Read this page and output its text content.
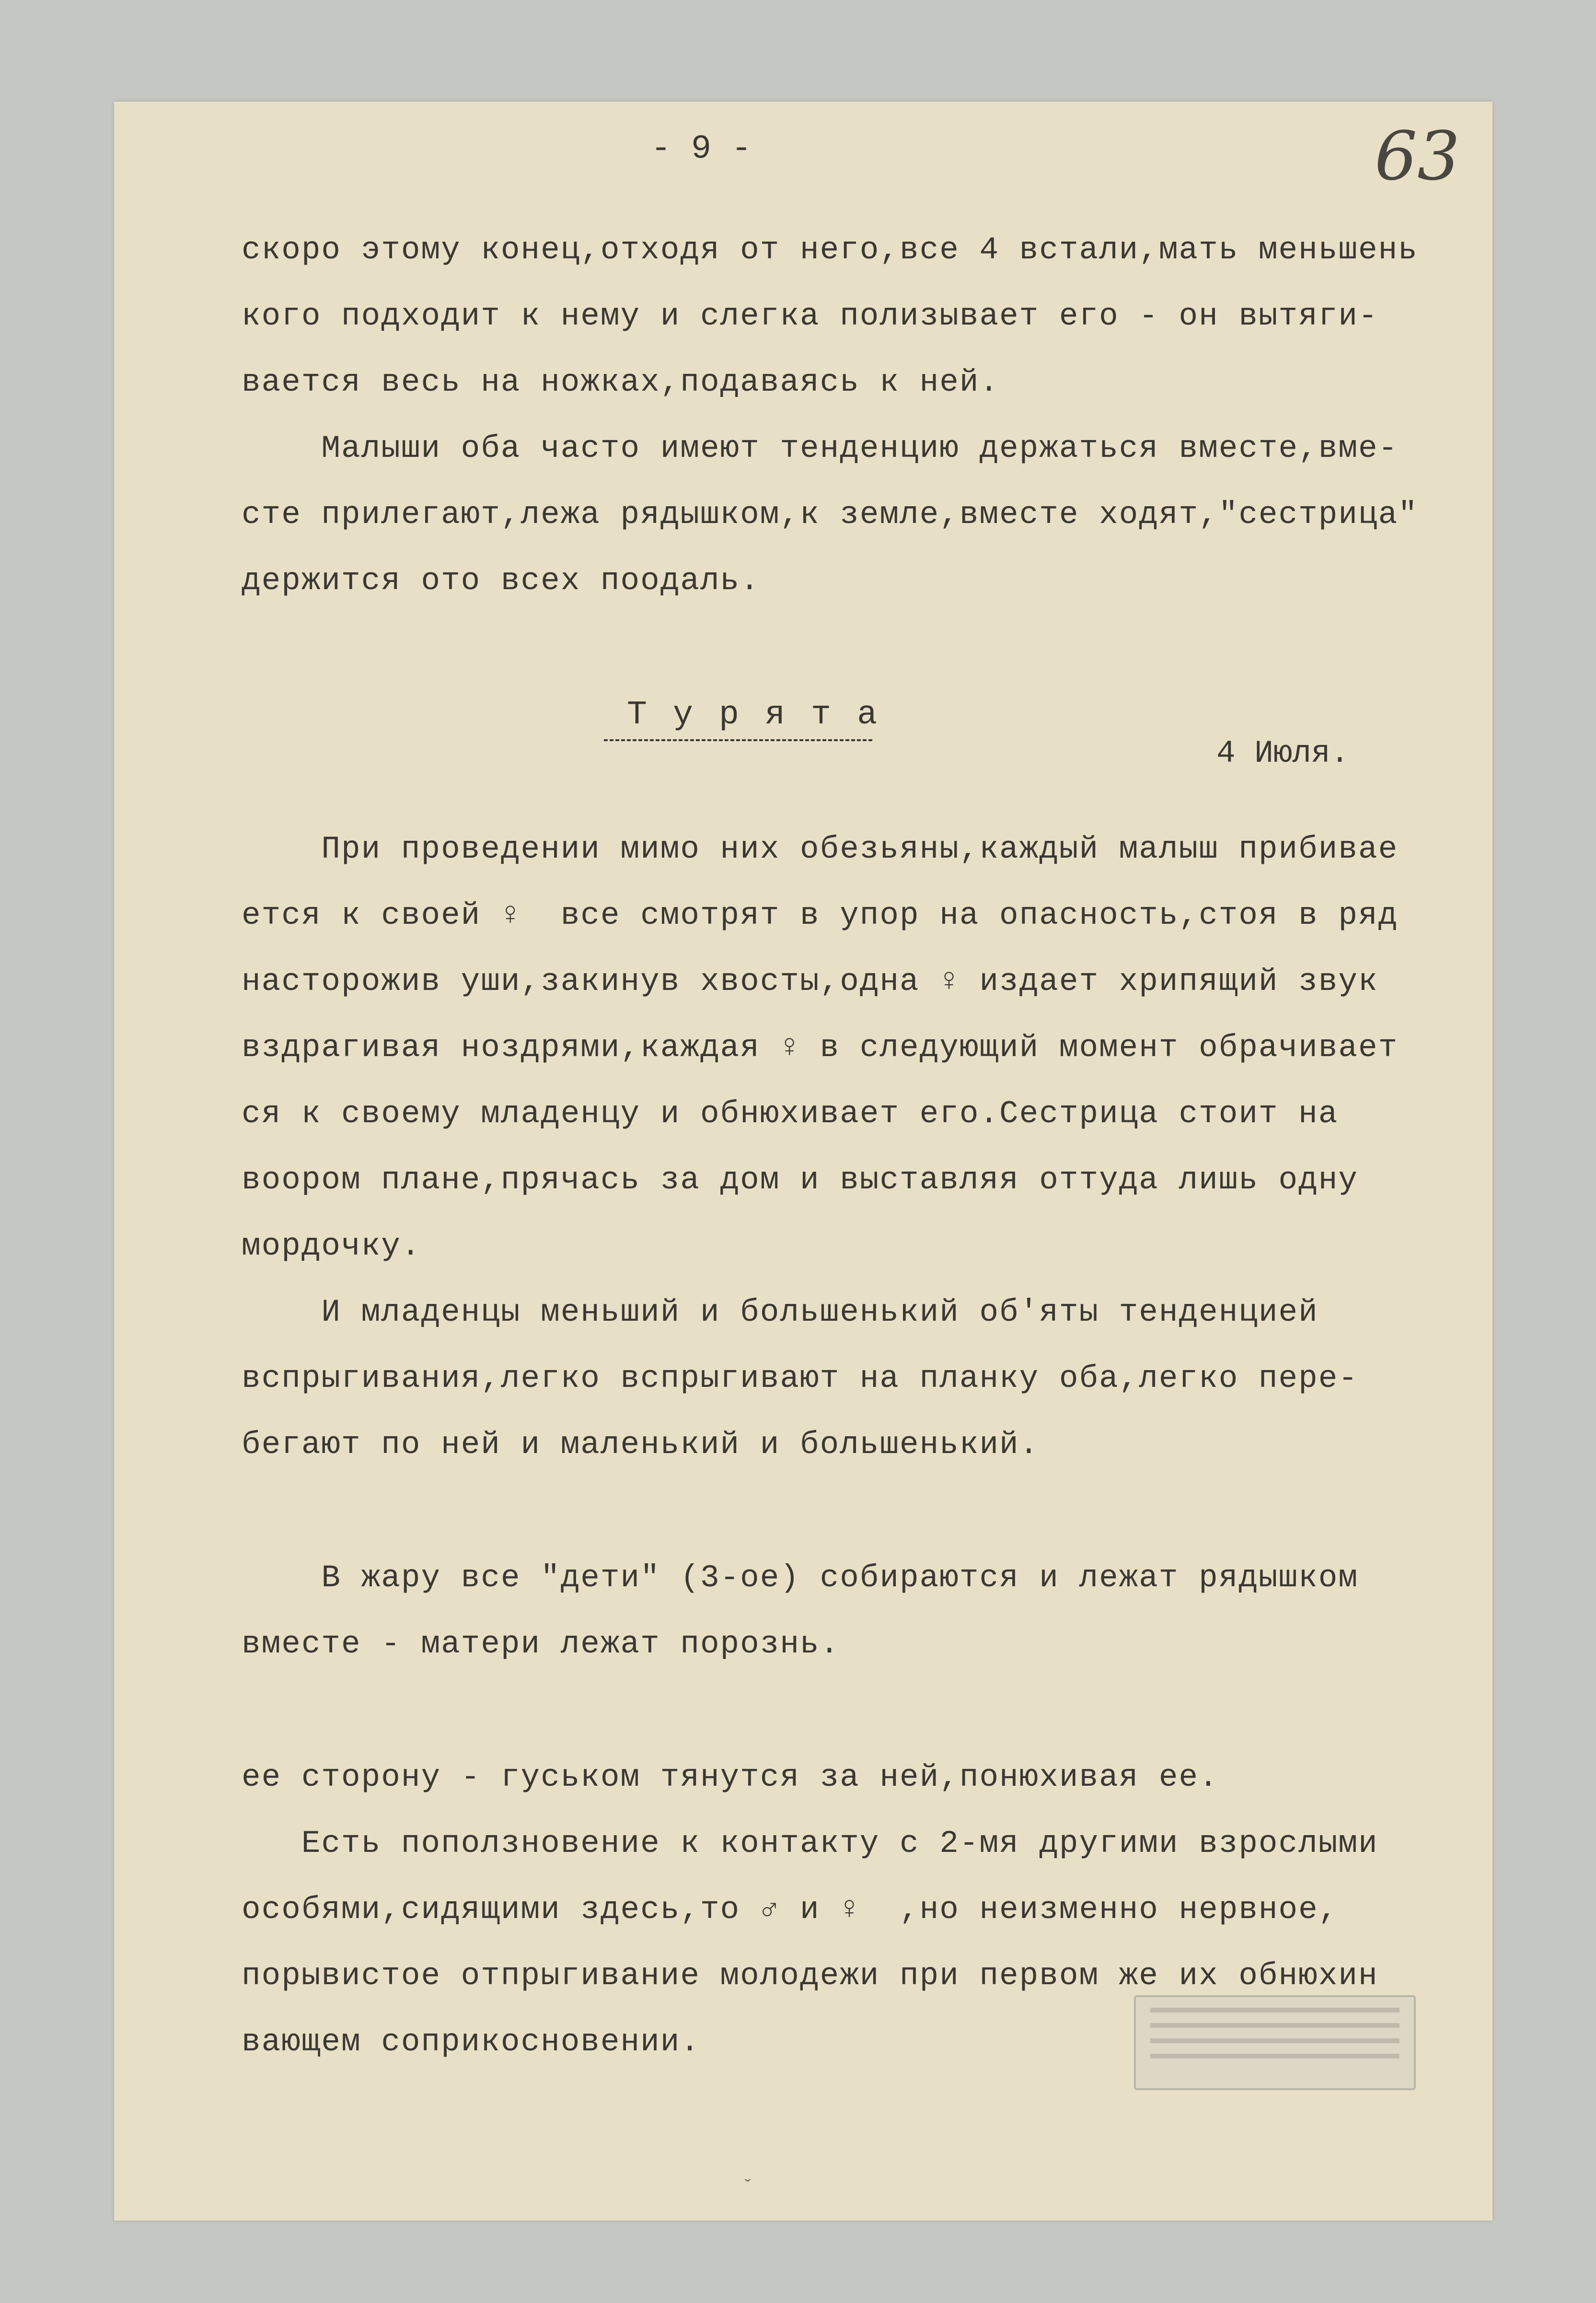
- 9 -	63
скоро этому конец,отходя от него,все 4 встали,мать меньшень
кого подходит к нему и слегка полизывает его - он вытяги-
вается весь на ножках,подаваясь к ней.
Малыши оба часто имеют тенденцию держаться вместе,вме-
сте прилегают,лежа рядышком,к земле,вместе ходят,"сестрица"
держится ото всех поодаль.
Т у р я т а
4 Июля.
При проведении мимо них обезьяны,каждый малыш прибивае
ется к своей ♀  все смотрят в упор на опасность,стоя в ряд
насторожив уши,закинув хвосты,одна ♀ издает хрипящий звук
вздрагивая ноздрями,каждая ♀ в следующий момент обрачивает
ся к своему младенцу и обнюхивает его.Сестрица стоит на
воором плане,прячась за дом и выставляя оттуда лишь одну
мордочку.
И младенцы меньший и большенький об'яты тенденцией
вспрыгивания,легко вспрыгивают на планку оба,легко пере-
бегают по ней и маленький и большенький.
В жару все "дети" (3-ое) собираются и лежат рядышком
вместе - матери лежат порознь.
ее сторону - гуськом тянутся за ней,понюхивая ее.
Есть поползновение к контакту с 2-мя другими взрослыми
особями,сидящими здесь,то ♂ и ♀  ,но неизменно нервное,
порывистое отпрыгивание молодежи при первом же их обнюхин
вающем соприкосновении.
ˇ
